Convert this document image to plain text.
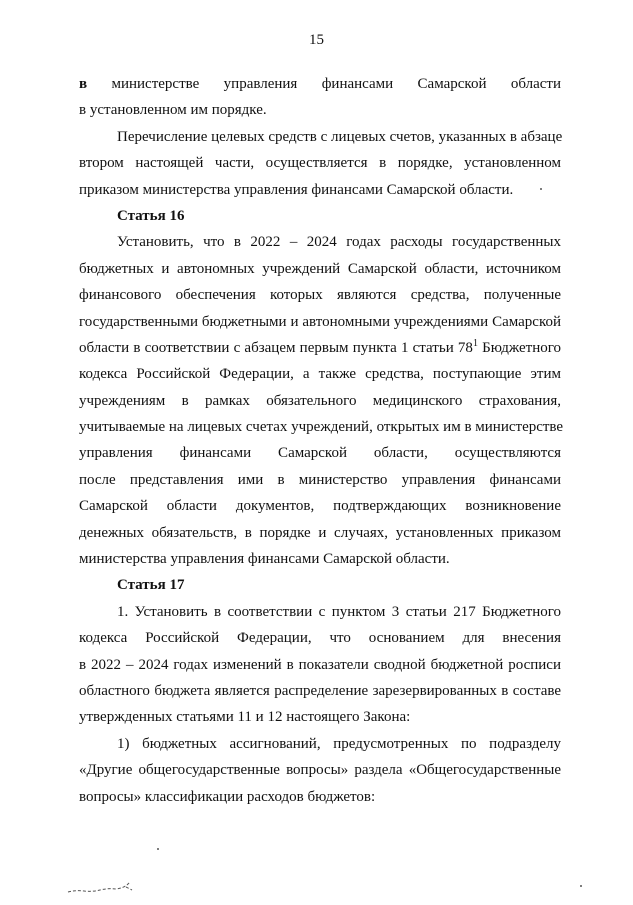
15
в министерстве управления финансами Самарской области
в установленном им порядке.
Перечисление целевых средств с лицевых счетов, указанных в абзаце
втором настоящей части, осуществляется в порядке, установленном
приказом министерства управления финансами Самарской области.
Статья 16
Установить, что в 2022 – 2024 годах расходы государственных
бюджетных и автономных учреждений Самарской области, источником
финансового обеспечения которых являются средства, полученные
государственными бюджетными и автономными учреждениями Самарской
области в соответствии с абзацем первым пункта 1 статьи $78^1$ Бюджетного
кодекса Российской Федерации, а также средства, поступающие этим
учреждениям в рамках обязательного медицинского страхования,
учитываемые на лицевых счетах учреждений, открытых им в министерстве
управления финансами Самарской области, осуществляются
после представления ими в министерство управления финансами
Самарской области документов, подтверждающих возникновение
денежных обязательств, в порядке и случаях, установленных приказом
министерства управления финансами Самарской области.
Статья 17
1. Установить в соответствии с пунктом 3 статьи 217 Бюджетного
кодекса Российской Федерации, что основанием для внесения
в 2022 – 2024 годах изменений в показатели сводной бюджетной росписи
областного бюджета является распределение зарезервированных в составе
утвержденных статьями 11 и 12 настоящего Закона:
1) бюджетных ассигнований, предусмотренных по подразделу
«Другие общегосударственные вопросы» раздела «Общегосударственные
вопросы» классификации расходов бюджетов:
